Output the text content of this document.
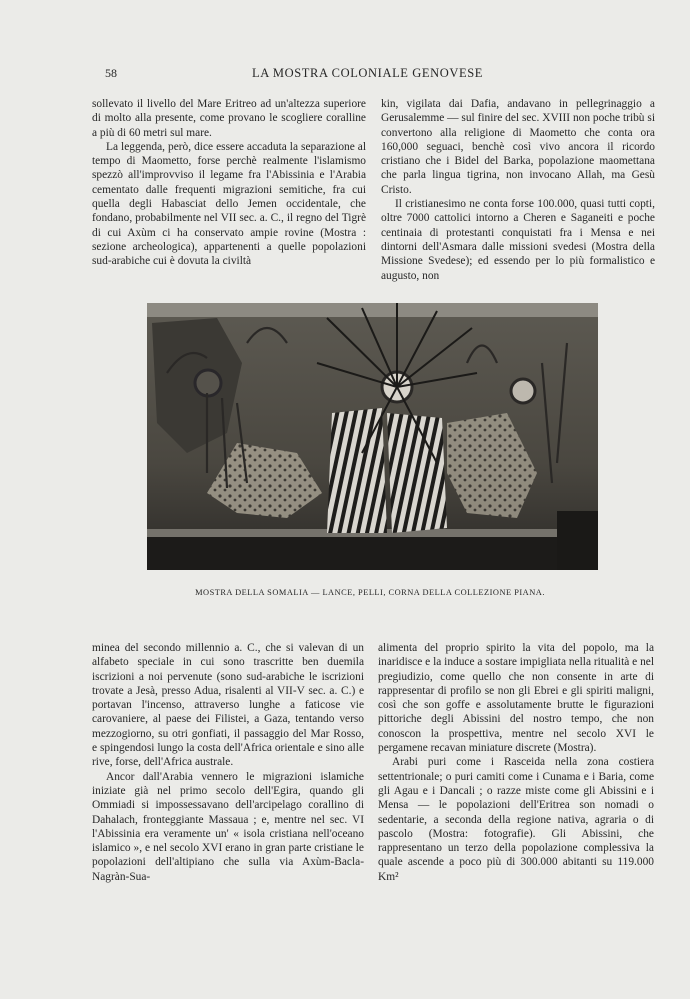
58	LA MOSTRA COLONIALE GENOVESE

sollevato il livello del Mare Eritreo ad un'altezza superiore di molto alla presente, come provano le scogliere coralline a più di 60 metri sul mare.

La leggenda, però, dice essere accaduta la separazione al tempo di Maometto, forse perchè realmente l'islamismo spezzò all'improvviso il legame fra l'Abissinia e l'Arabia cementato dalle frequenti migrazioni semitiche, fra cui quella degli Habasciat dello Jemen occidentale, che fondano, probabilmente nel VII sec. a. C., il regno del Tigrè di cui Axùm ci ha conservato ampie rovine (Mostra : sezione archeologica), appartenenti a quelle popolazioni sud-arabiche cui è dovuta la civiltà

kin, vigilata dai Dafia, andavano in pellegrinaggio a Gerusalemme — sul finire del sec. XVIII non poche tribù si convertono alla religione di Maometto che conta ora 160,000 seguaci, benchè così vivo ancora il ricordo cristiano che i Bidel del Barka, popolazione maomettana che parla lingua tigrina, non invocano Allah, ma Gesù Cristo.

Il cristianesimo ne conta forse 100.000, quasi tutti copti, oltre 7000 cattolici intorno a Cheren e Saganeiti e poche centinaia di protestanti conquistati fra i Mensa e nei dintorni dell'Asmara dalle missioni svedesi (Mostra della Missione Svedese); ed essendo per lo più formalistico e augusto, non

MOSTRA DELLA SOMALIA — LANCE, PELLI, CORNA DELLA COLLEZIONE PIANA.

minea del secondo millennio a. C., che si valevan di un alfabeto speciale in cui sono trascritte ben duemila iscrizioni a noi pervenute (sono sud-arabiche le iscrizioni trovate a Jesà, presso Adua, risalenti al VII-V sec. a. C.) e portavan l'incenso, attraverso lunghe a faticose vie carovaniere, al paese dei Filistei, a Gaza, tentando verso mezzogiorno, su otri gonfiati, il passaggio del Mar Rosso, e spingendosi lungo la costa dell'Africa orientale e sino alle rive, forse, dell'Africa australe.

Ancor dall'Arabia vennero le migrazioni islamiche iniziate già nel primo secolo dell'Egira, quando gli Ommiadi si impossessavano dell'arcipelago corallino di Dahalach, fronteggiante Massaua ; e, mentre nel sec. VI l'Abissinia era veramente un' « isola cristiana nell'oceano islamico », e nel secolo XVI erano in gran parte cristiane le popolazioni dell'altipiano che sulla via Axùm-Bacla-Nagràn-Sua-

alimenta del proprio spirito la vita del popolo, ma la inaridisce e la induce a sostare impigliata nella ritualità e nel pregiudizio, come quello che non consente in arte di rappresentar di profilo se non gli Ebrei e gli spiriti maligni, così che son goffe e assolutamente brutte le figurazioni pittoriche degli Abissini del nostro tempo, che non conoscon la prospettiva, mentre nel secolo XVI le pergamene recavan miniature discrete (Mostra).

Arabi puri come i Rasceida nella zona costiera settentrionale; o puri camiti come i Cunama e i Baria, come gli Agau e i Dancali ; o razze miste come gli Abissini e i Mensa — le popolazioni dell'Eritrea son nomadi o sedentarie, a seconda della regione nativa, agraria o di pascolo (Mostra: fotografie). Gli Abissini, che rappresentano un terzo della popolazione complessiva la quale ascende a poco più di 300.000 abitanti su 119.000 Km²
